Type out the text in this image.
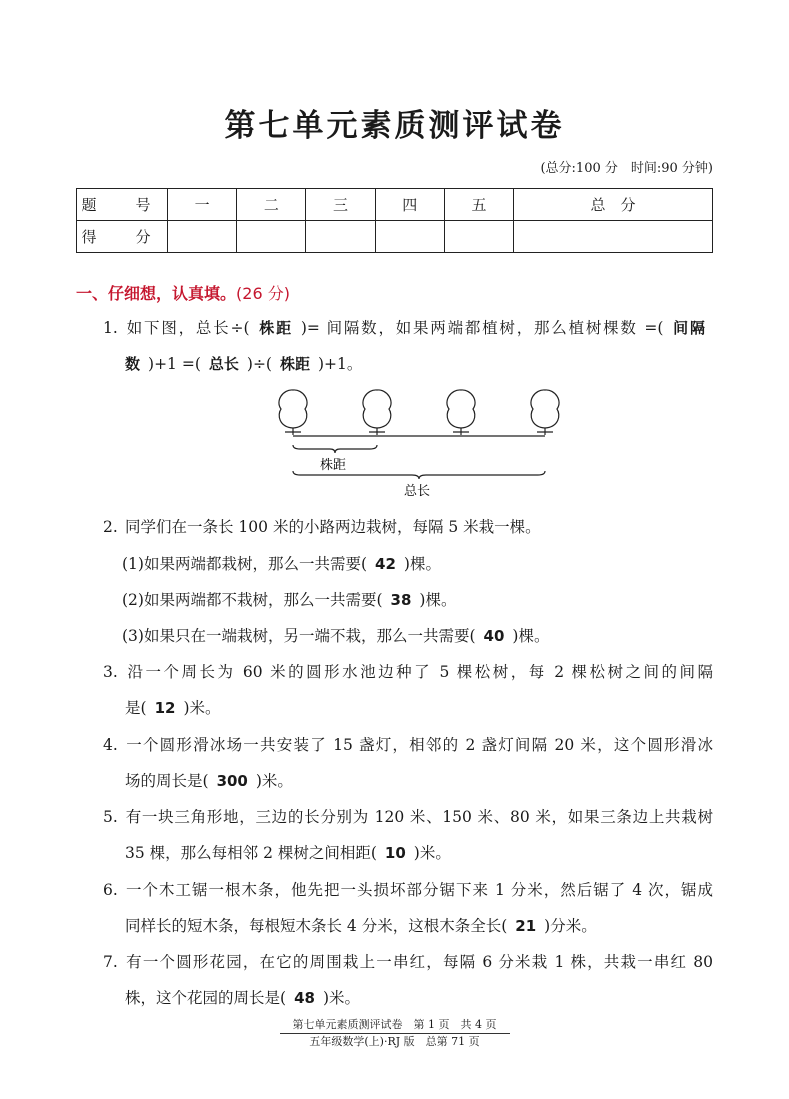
第七单元素质测评试卷
(总分:100 分　时间:90 分钟)
题　号	一	二	三	四	五	总　分
得　分						
一、仔细想，认真填。(26 分)
1. 如下图，总长÷( 株距 )= 间隔数，如果两端都植树，那么植树棵数 =( 间隔
数 )+1 =( 总长 )÷( 株距 )+1。
株距
总长
2. 同学们在一条长 100 米的小路两边栽树，每隔 5 米栽一棵。
(1)如果两端都栽树，那么一共需要( 42 )棵。
(2)如果两端都不栽树，那么一共需要( 38 )棵。
(3)如果只在一端栽树，另一端不栽，那么一共需要( 40 )棵。
3. 沿一个周长为 60 米的圆形水池边种了 5 棵松树，每 2 棵松树之间的间隔
是( 12 )米。
4. 一个圆形滑冰场一共安装了 15 盏灯，相邻的 2 盏灯间隔 20 米，这个圆形滑冰
场的周长是( 300 )米。
5. 有一块三角形地，三边的长分别为 120 米、150 米、80 米，如果三条边上共栽树
35 棵，那么每相邻 2 棵树之间相距( 10 )米。
6. 一个木工锯一根木条，他先把一头损坏部分锯下来 1 分米，然后锯了 4 次，锯成
同样长的短木条，每根短木条长 4 分米，这根木条全长( 21 )分米。
7. 有一个圆形花园，在它的周围栽上一串红，每隔 6 分米栽 1 株，共栽一串红 80
株，这个花园的周长是( 48 )米。
第七单元素质测评试卷　第 1 页　共 4 页
五年级数学(上)·RJ 版　总第 71 页
